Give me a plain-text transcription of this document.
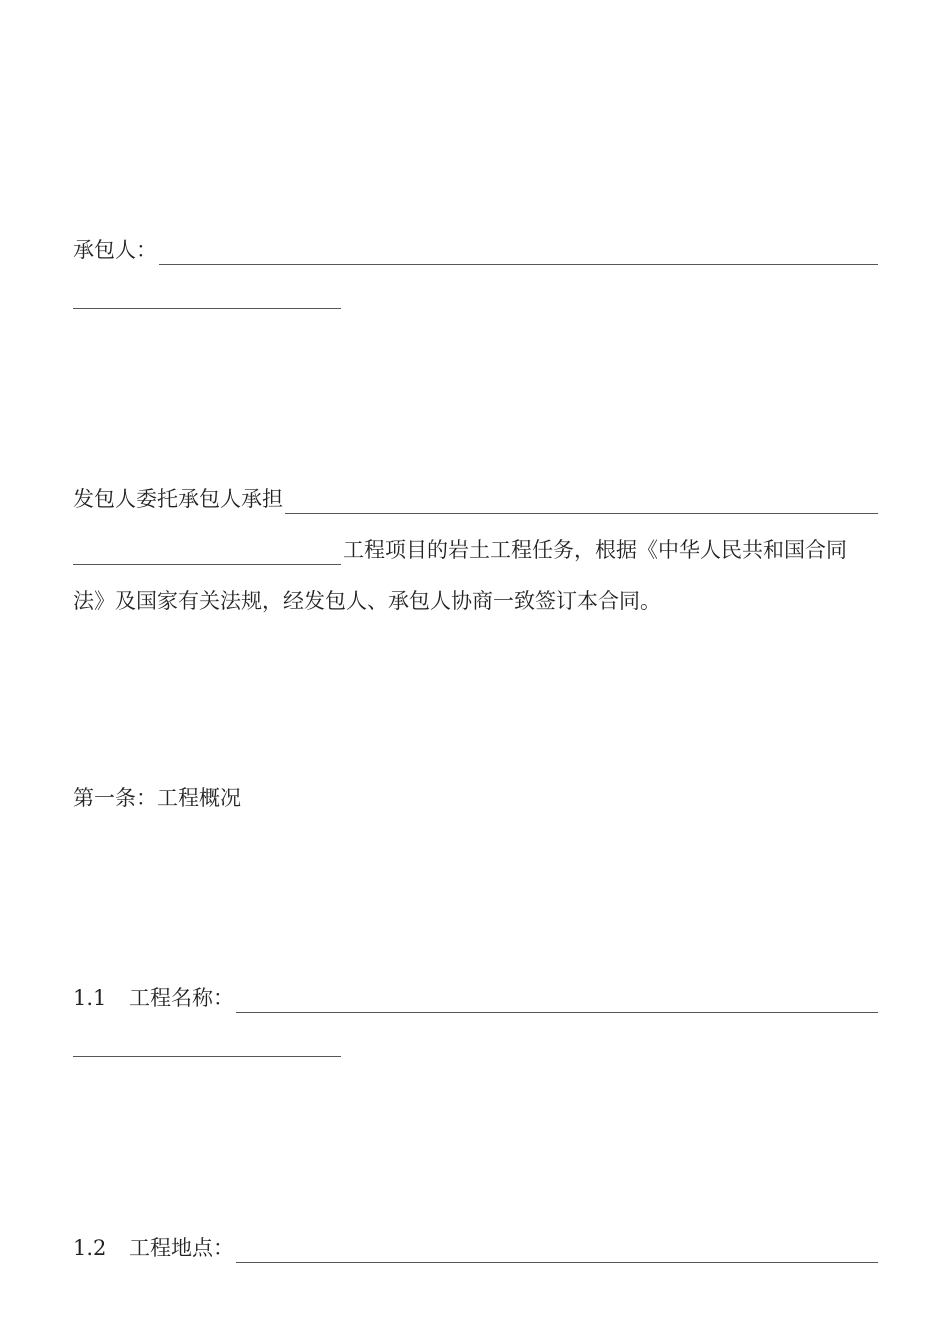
承包人：
发包人委托承包人承担
工程项目的岩土工程任务，根据《中华人民共和国合同
法》及国家有关法规，经发包人、承包人协商一致签订本合同。
第一条：工程概况
1.1	工程名称：
1.2	工程地点：
